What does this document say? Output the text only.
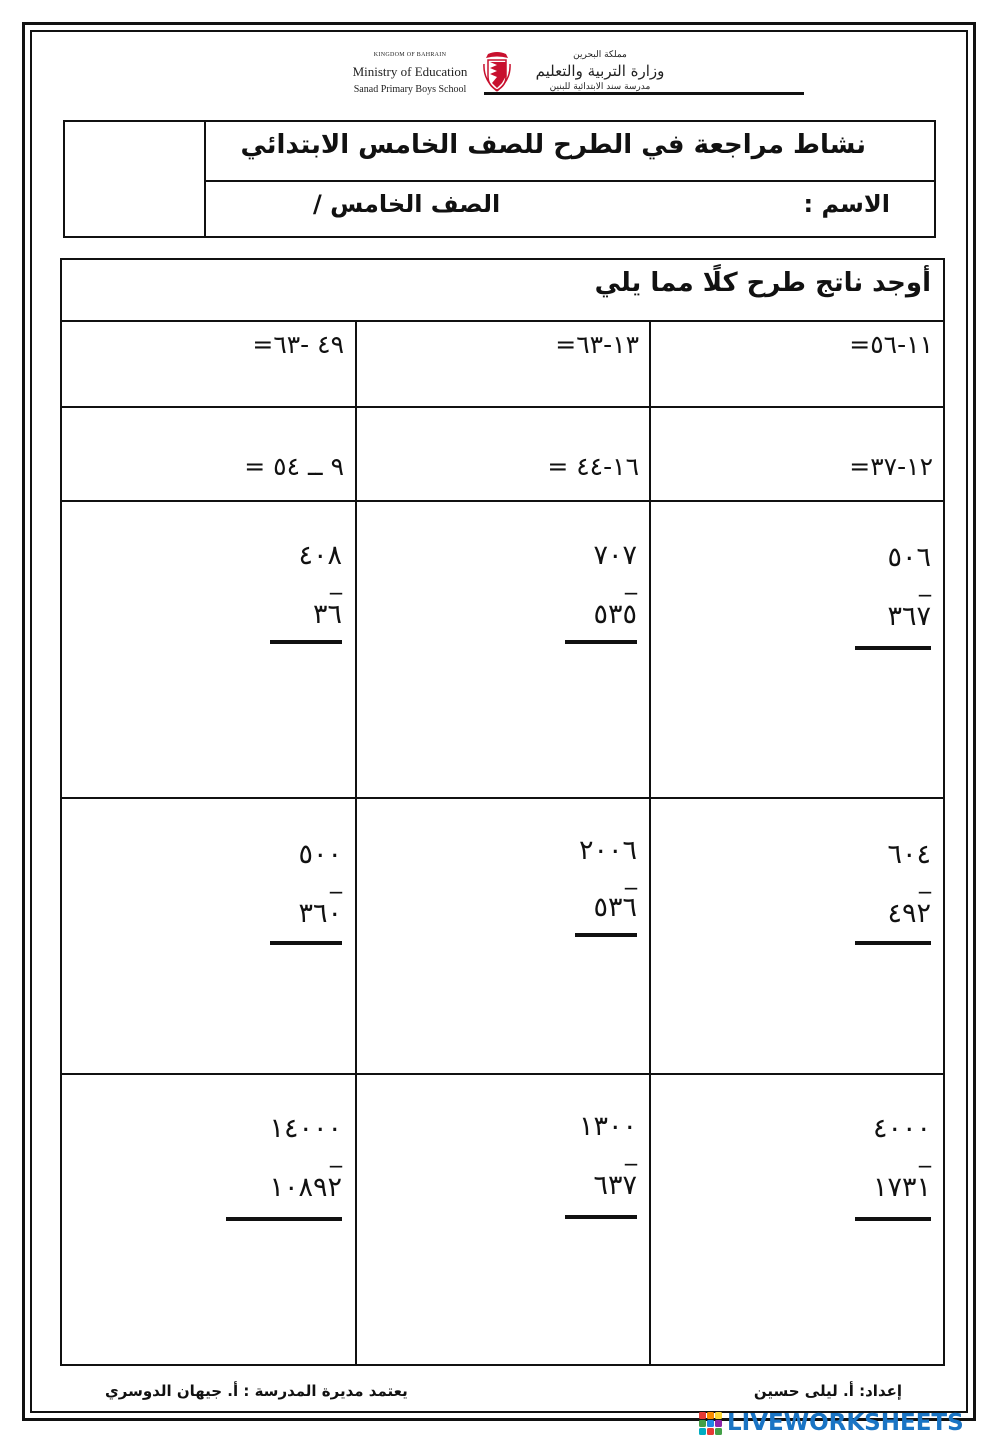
KINGDOM OF BAHRAIN
Ministry of Education
Sanad Primary Boys School
مملكة البحرين
وزارة التربية والتعليم
مدرسة سند الابتدائية للبنين
نشاط مراجعة في الطرح للصف الخامس الابتدائي
الاسم :
الصف الخامس /
أوجد ناتج طرح كلًا مما يلي
=١١-٥٦
=١٣-٦٣
=٤٩ -٦٣
=١٢-٣٧
= ١٦-٤٤
= ٩ ــ ٥٤
٥٠٦
_
٣٦٧
٧٠٧
_
٥٣٥
٤٠٨
_
٣٦
٦٠٤
_
٤٩٢
٢٠٠٦
_
٥٣٦
٥٠٠
_
٣٦٠
٤٠٠٠
_
١٧٣١
١٣٠٠
_
٦٣٧
١٤٠٠٠
_
١٠٨٩٢
يعتمد مديرة المدرسة : أ. جيهان الدوسري	إعداد: أ. ليلى حسين
LIVEWORKSHEETS
